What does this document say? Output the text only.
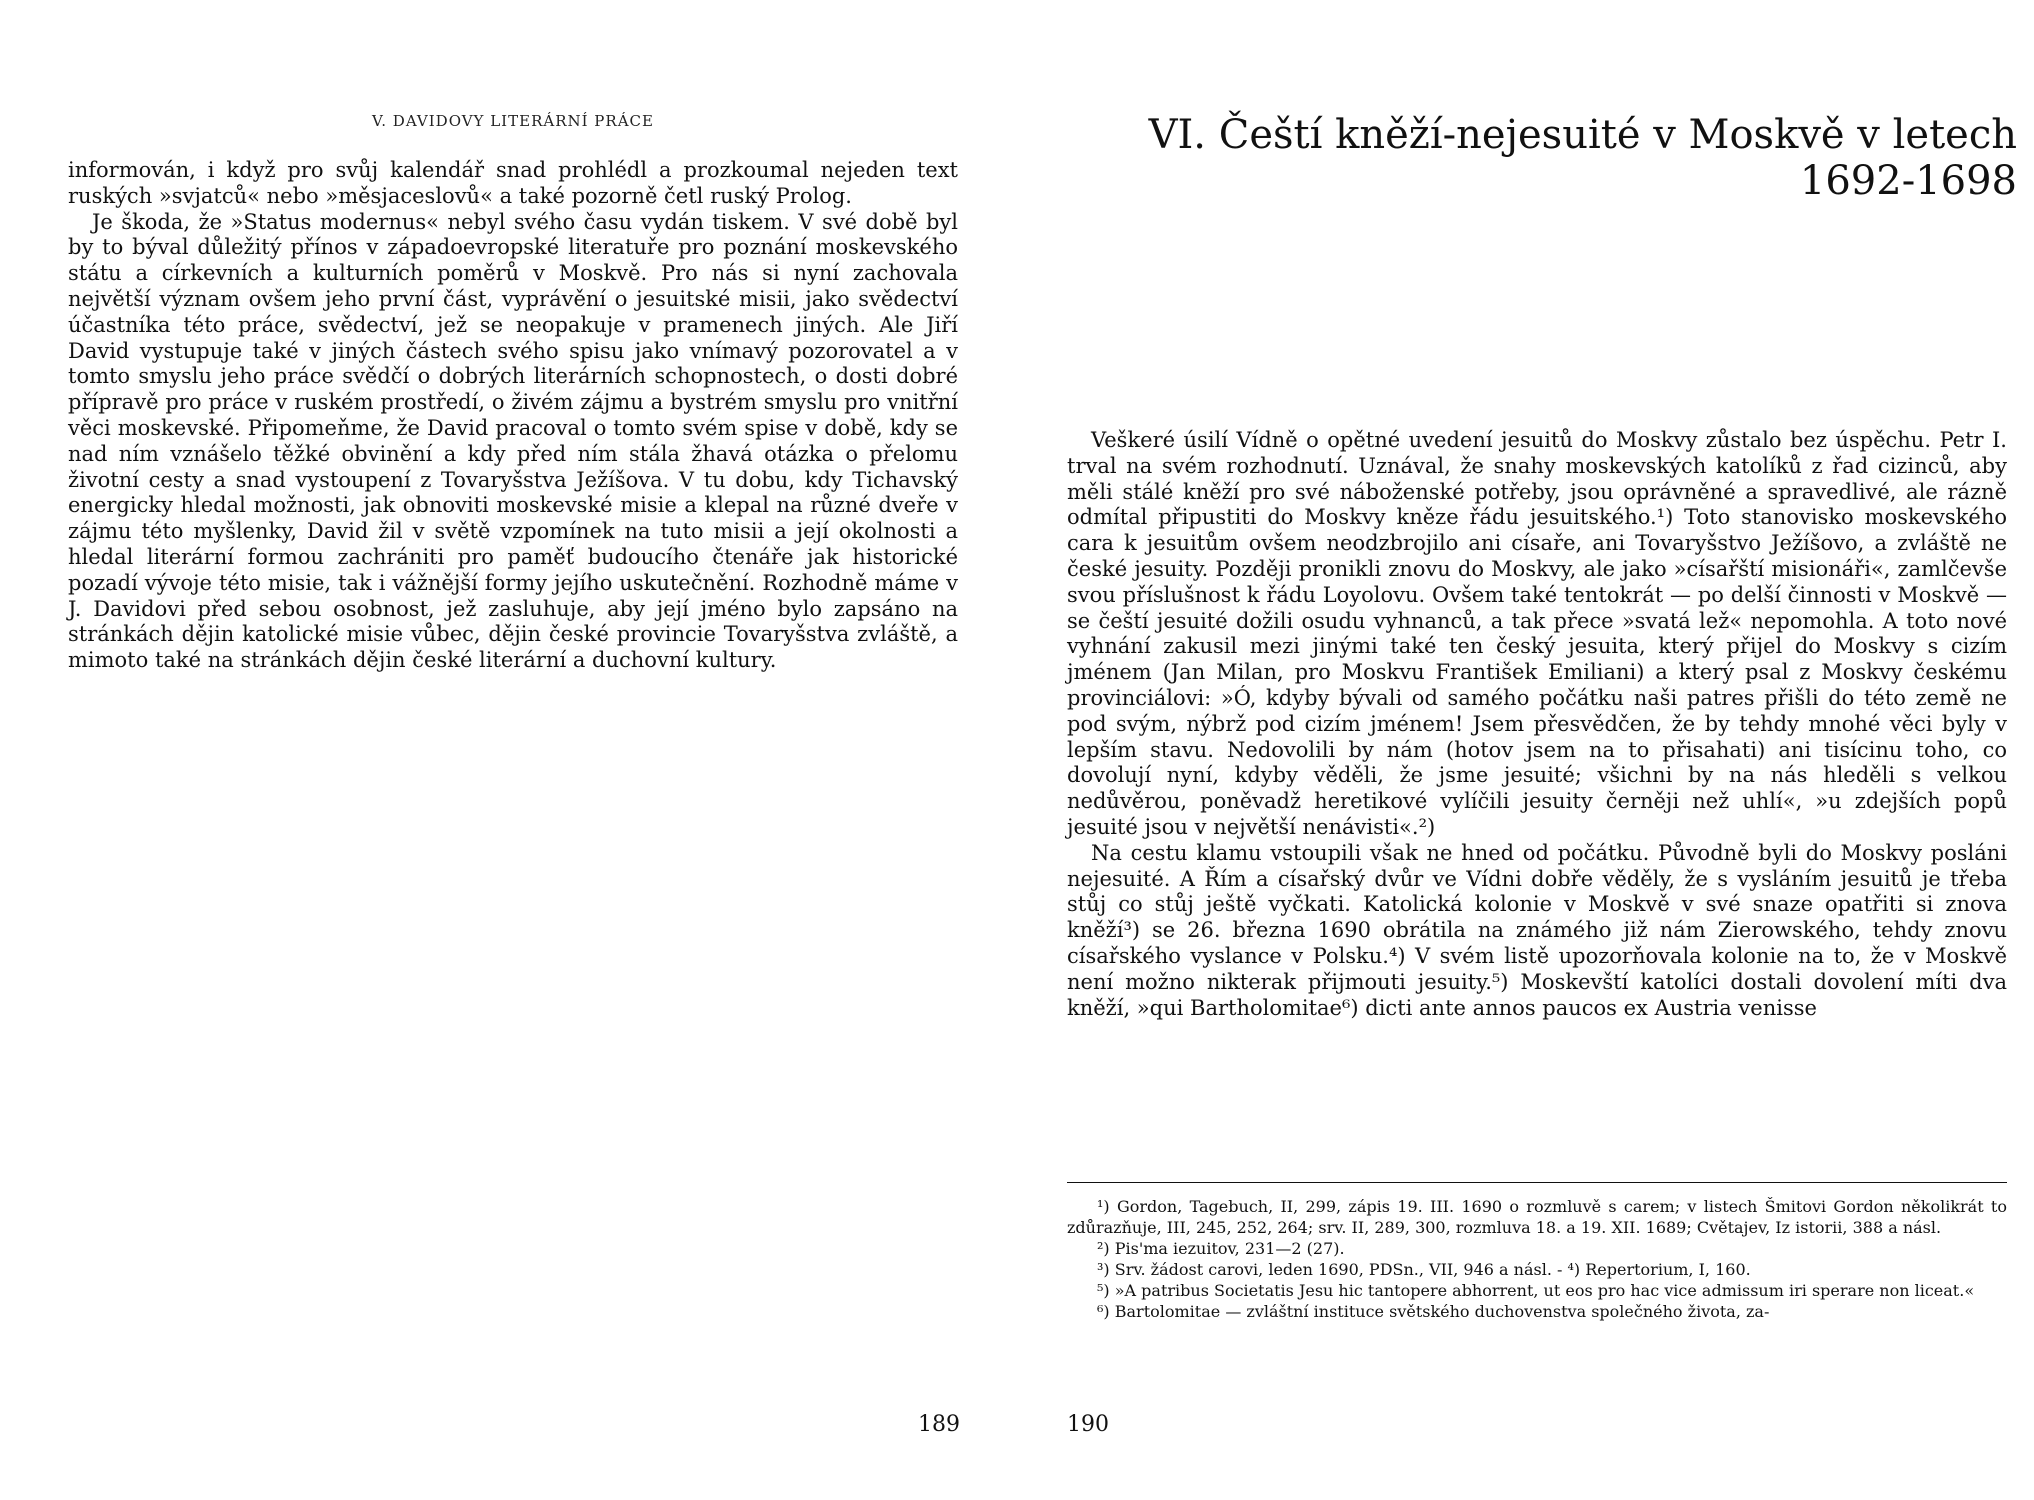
V. DAVIDOVY LITERÁRNÍ PRÁCE

informován, i když pro svůj kalendář snad prohlédl a prozkoumal nejeden text ruských »svjatců« nebo »měsjaceslovů« a také pozorně četl ruský Prolog.

Je škoda, že »Status modernus« nebyl svého času vydán tiskem. V své době byl by to býval důležitý přínos v západoevropské literatuře pro poznání moskevského státu a církevních a kulturních poměrů v Moskvě. Pro nás si nyní zachovala největší význam ovšem jeho první část, vyprávění o jesuitské misii, jako svědectví účastníka této práce, svědectví, jež se neopakuje v pramenech jiných. Ale Jiří David vystupuje také v jiných částech svého spisu jako vnímavý pozorovatel a v tomto smyslu jeho práce svědčí o dobrých literárních schopnostech, o dosti dobré přípravě pro práce v ruském prostředí, o živém zájmu a bystrém smyslu pro vnitřní věci moskevské. Připomeňme, že David pracoval o tomto svém spise v době, kdy se nad ním vznášelo těžké obvinění a kdy před ním stála žhavá otázka o přelomu životní cesty a snad vystoupení z Tovaryšstva Ježíšova. V tu dobu, kdy Tichavský energicky hledal možnosti, jak obnoviti moskevské misie a klepal na různé dveře v zájmu této myšlenky, David žil v světě vzpomínek na tuto misii a její okolnosti a hledal literární formou zachrániti pro paměť budoucího čtenáře jak historické pozadí vývoje této misie, tak i vážnější formy jejího uskutečnění. Rozhodně máme v J. Davidovi před sebou osobnost, jež zasluhuje, aby její jméno bylo zapsáno na stránkách dějin katolické misie vůbec, dějin české provincie Tovaryšstva zvláště, a mimoto také na stránkách dějin české literární a duchovní kultury.

189
VI. Čeští kněží-nejesuité v Moskvě v letech 1692-1698

Veškeré úsilí Vídně o opětné uvedení jesuitů do Moskvy zůstalo bez úspěchu. Petr I. trval na svém rozhodnutí. Uznával, že snahy moskevských katolíků z řad cizinců, aby měli stálé kněží pro své náboženské potřeby, jsou oprávněné a spravedlivé, ale rázně odmítal připustiti do Moskvy kněze řádu jesuitského.¹) Toto stanovisko moskevského cara k jesuitům ovšem neodzbrojilo ani císaře, ani Tovaryšstvo Ježíšovo, a zvláště ne české jesuity. Později pronikli znovu do Moskvy, ale jako »císařští misionáři«, zamlčevše svou příslušnost k řádu Loyolovu. Ovšem také tentokrát — po delší činnosti v Moskvě — se čeští jesuité dožili osudu vyhnanců, a tak přece »svatá lež« nepomohla. A toto nové vyhnání zakusil mezi jinými také ten český jesuita, který přijel do Moskvy s cizím jménem (Jan Milan, pro Moskvu František Emiliani) a který psal z Moskvy českému provinciálovi: »Ó, kdyby bývali od samého počátku naši patres přišli do této země ne pod svým, nýbrž pod cizím jménem! Jsem přesvědčen, že by tehdy mnohé věci byly v lepším stavu. Nedovolili by nám (hotov jsem na to přisahati) ani tisícinu toho, co dovolují nyní, kdyby věděli, že jsme jesuité; všichni by na nás hleděli s velkou nedůvěrou, poněvadž heretikové vylíčili jesuity černěji než uhlí«, »u zdejších popů jesuité jsou v největší nenávisti«.²)

Na cestu klamu vstoupili však ne hned od počátku. Původně byli do Moskvy posláni nejesuité. A Řím a císařský dvůr ve Vídni dobře věděly, že s vysláním jesuitů je třeba stůj co stůj ještě vyčkati. Katolická kolonie v Moskvě v své snaze opatřiti si znova kněží³) se 26. března 1690 obrátila na známého již nám Zierowského, tehdy znovu císařského vyslance v Polsku.⁴) V svém listě upozorňovala kolonie na to, že v Moskvě není možno nikterak přijmouti jesuity.⁵) Moskevští katolíci dostali dovolení míti dva kněží, »qui Bartholomitae⁶) dicti ante annos paucos ex Austria venisse

¹) Gordon, Tagebuch, II, 299, zápis 19. III. 1690 o rozmluvě s carem; v listech Šmitovi Gordon několikrát to zdůrazňuje, III, 245, 252, 264; srv. II, 289, 300, rozmluva 18. a 19. XII. 1689; Cvětajev, Iz istorii, 388 a násl.

²) Pis'ma iezuitov, 231—2 (27).

³) Srv. žádost carovi, leden 1690, PDSn., VII, 946 a násl. - ⁴) Repertorium, I, 160.

⁵) »A patribus Societatis Jesu hic tantopere abhorrent, ut eos pro hac vice admissum iri sperare non liceat.«

⁶) Bartolomitae — zvláštní instituce světského duchovenstva společného života, za-

190
